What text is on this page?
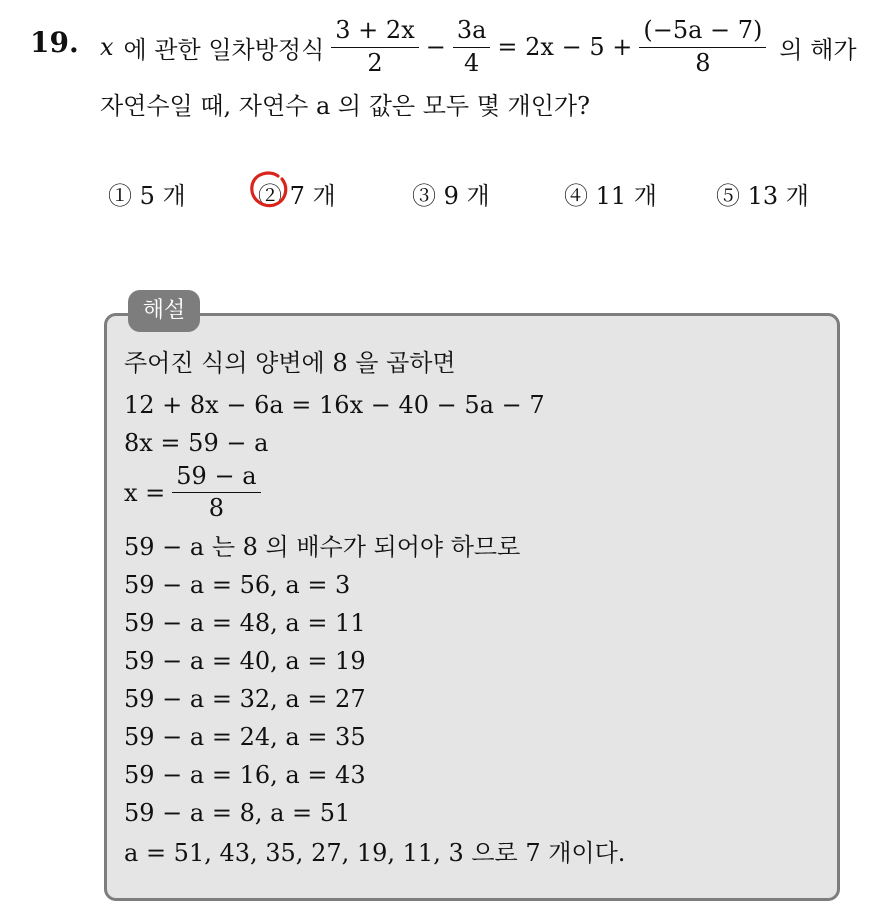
19. x 에 관한 일차방정식 $\frac{3 + 2x}{2} - \frac{3a}{4} = 2x - 5 + \frac{(-5a - 7)}{8}$ 의 해가
자연수일 때, 자연수 a 의 값은 모두 몇 개인가?
① 5 개	② 7 개	③ 9 개	④ 11 개 ⑤ 13 개
해설
주어진 식의 양변에 8 을 곱하면
12 + 8x − 6a = 16x − 40 − 5a − 7
8x = 59 − a
$x = \frac{59 - a}{8}$
59 − a 는 8 의 배수가 되어야 하므로
59 − a = 56, a = 3
59 − a = 48, a = 11
59 − a = 40, a = 19
59 − a = 32, a = 27
59 − a = 24, a = 35
59 − a = 16, a = 43
59 − a = 8, a = 51
a = 51, 43, 35, 27, 19, 11, 3 으로 7 개이다.
